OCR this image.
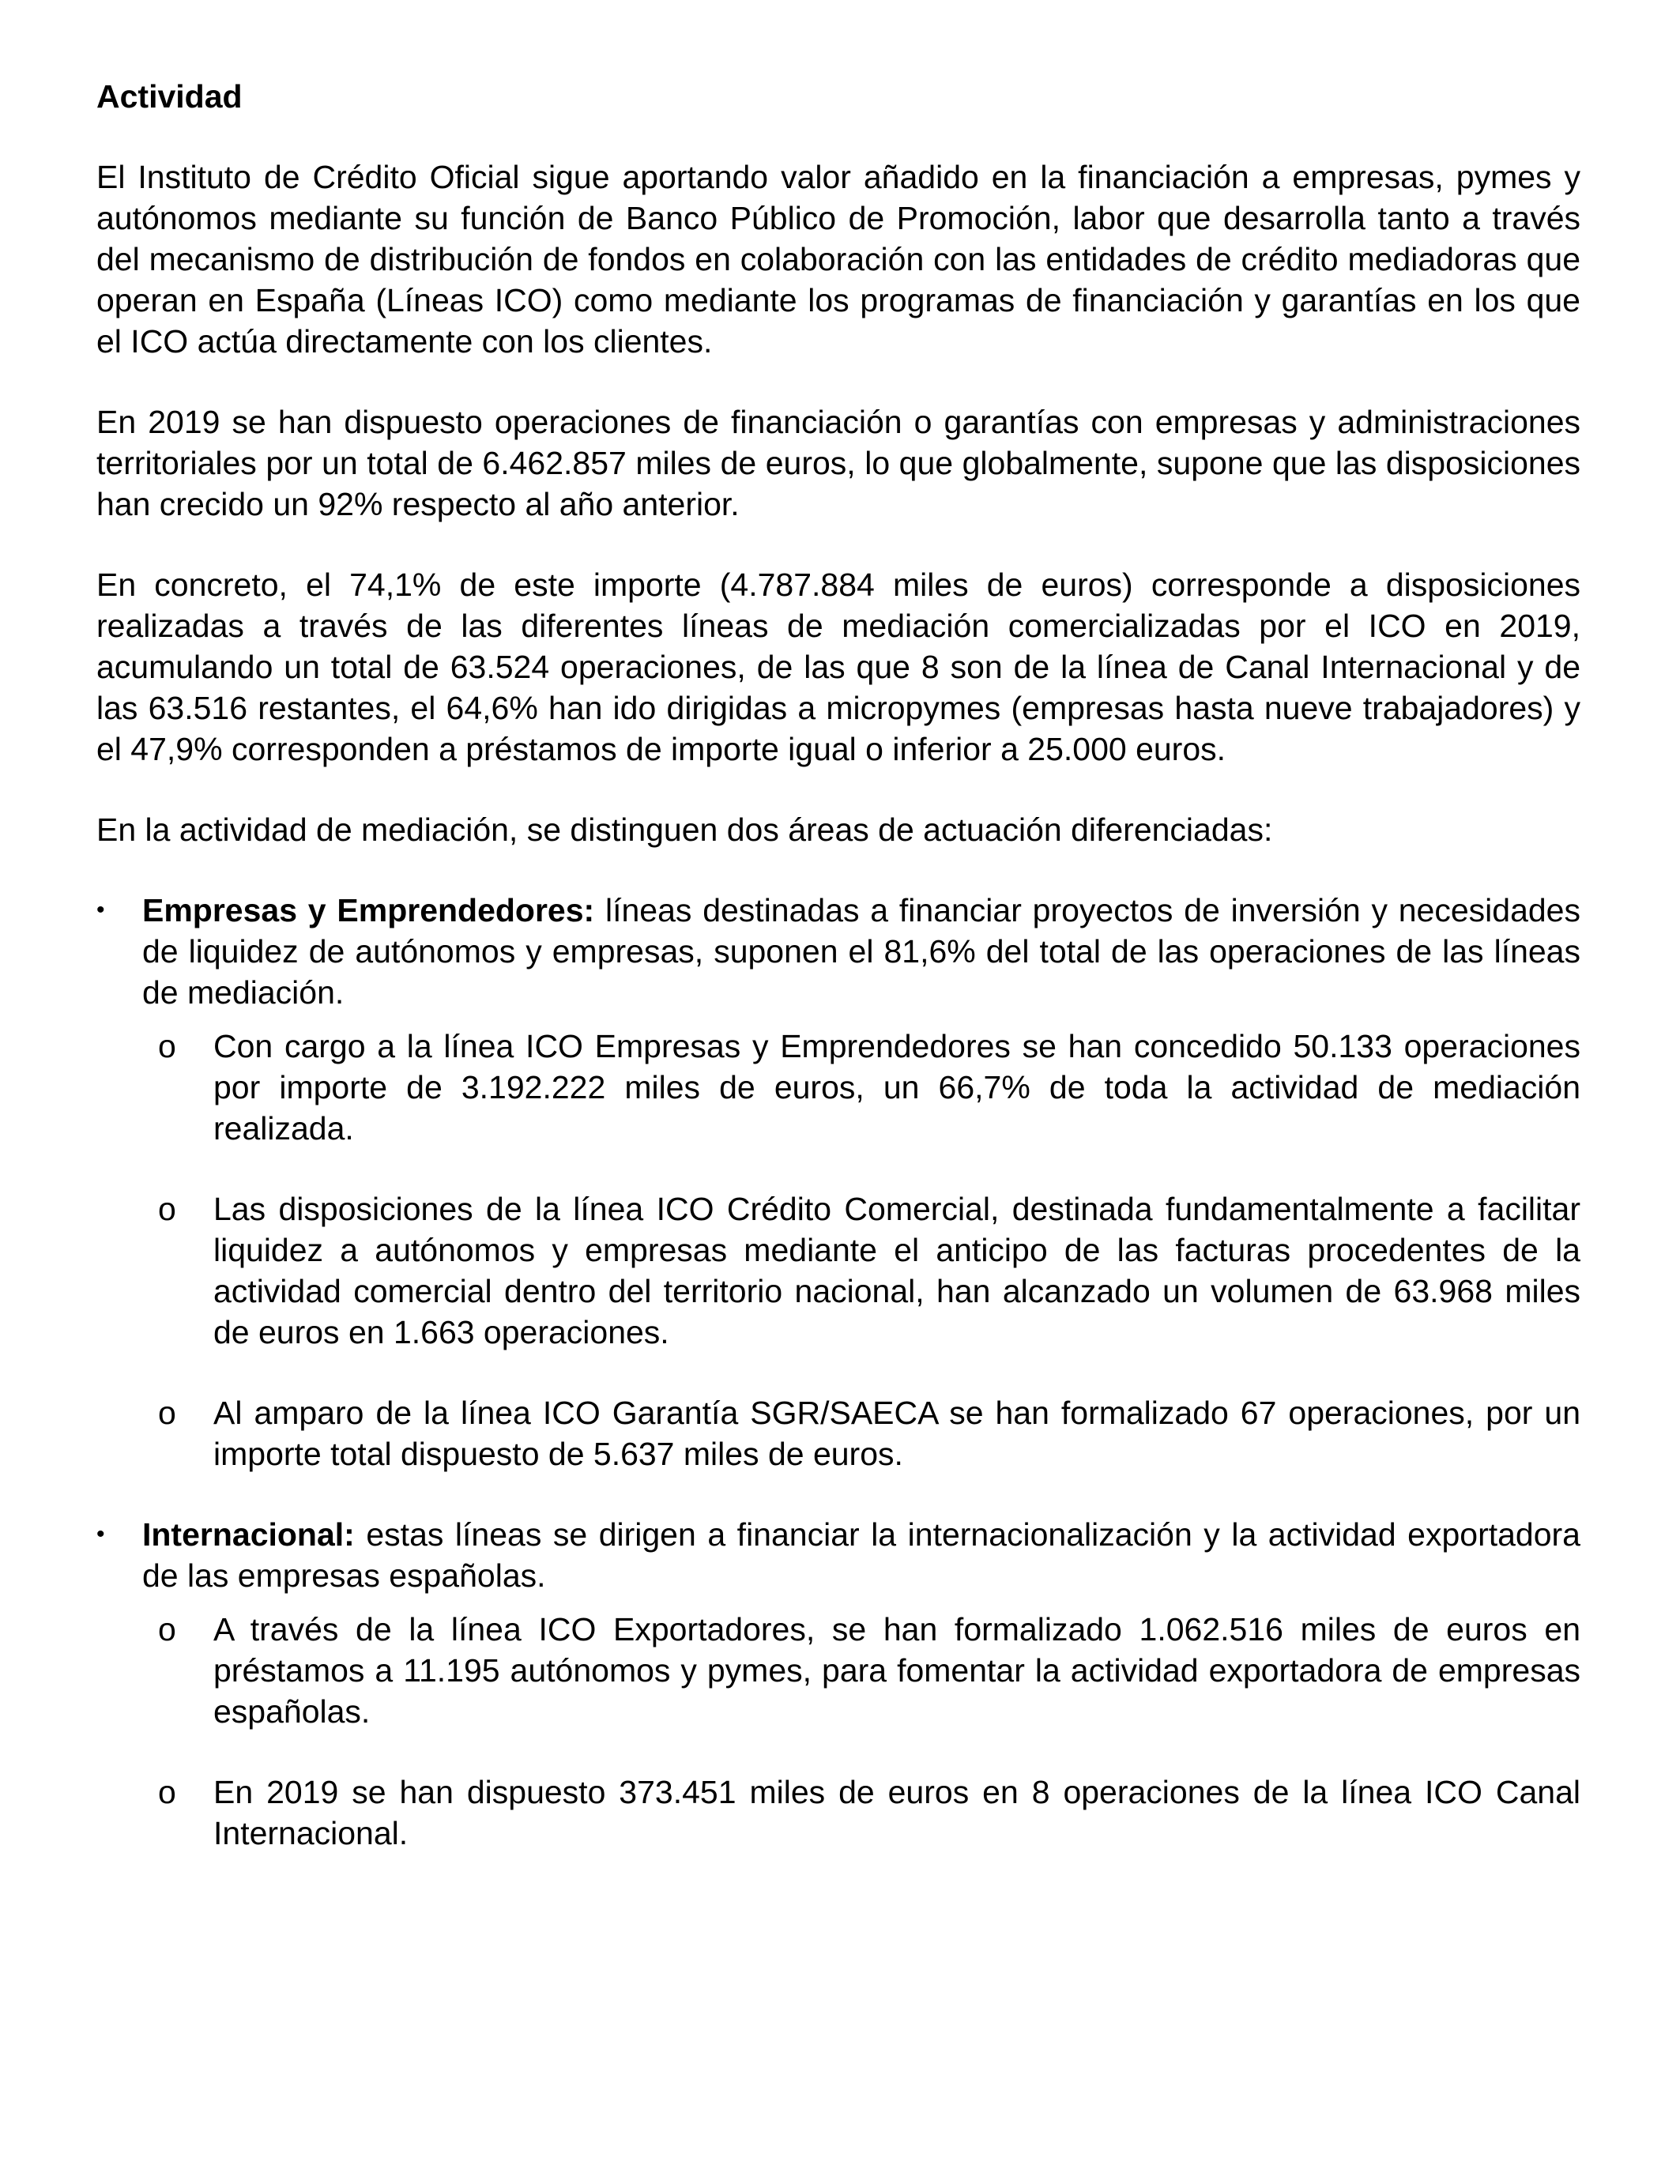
Actividad

El Instituto de Crédito Oficial sigue aportando valor añadido en la financiación a empresas, pymes y autónomos mediante su función de Banco Público de Promoción, labor que desarrolla tanto a través del mecanismo de distribución de fondos en colaboración con las entidades de crédito mediadoras que operan en España (Líneas ICO) como mediante los programas de financiación y garantías en los que el ICO actúa directamente con los clientes.

En 2019 se han dispuesto operaciones de financiación o garantías con empresas y administraciones territoriales por un total de 6.462.857 miles de euros, lo que globalmente, supone que las disposiciones han crecido un 92% respecto al año anterior.

En concreto, el 74,1% de este importe (4.787.884 miles de euros) corresponde a disposiciones realizadas a través de las diferentes líneas de mediación comercializadas por el ICO en 2019, acumulando un total de 63.524 operaciones, de las que 8 son de la línea de Canal Internacional y de las 63.516 restantes, el 64,6% han ido dirigidas a micropymes (empresas hasta nueve trabajadores) y el 47,9% corresponden a préstamos de importe igual o inferior a 25.000 euros.

En la actividad de mediación, se distinguen dos áreas de actuación diferenciadas:

•	Empresas y Emprendedores: líneas destinadas a financiar proyectos de inversión y necesidades de liquidez de autónomos y empresas, suponen el 81,6% del total de las operaciones de las líneas de mediación.
o Con cargo a la línea ICO Empresas y Emprendedores se han concedido 50.133 operaciones por importe de 3.192.222 miles de euros, un 66,7% de toda la actividad de mediación realizada.
o Las disposiciones de la línea ICO Crédito Comercial, destinada fundamentalmente a facilitar liquidez a autónomos y empresas mediante el anticipo de las facturas procedentes de la actividad comercial dentro del territorio nacional, han alcanzado un volumen de 63.968 miles de euros en 1.663 operaciones.
o Al amparo de la línea ICO Garantía SGR/SAECA se han formalizado 67 operaciones, por un importe total dispuesto de 5.637 miles de euros.
•	Internacional: estas líneas se dirigen a financiar la internacionalización y la actividad exportadora de las empresas españolas.
o A través de la línea ICO Exportadores, se han formalizado 1.062.516 miles de euros en préstamos a 11.195 autónomos y pymes, para fomentar la actividad exportadora de empresas españolas.
o En 2019 se han dispuesto 373.451 miles de euros en 8 operaciones de la línea ICO Canal Internacional.
